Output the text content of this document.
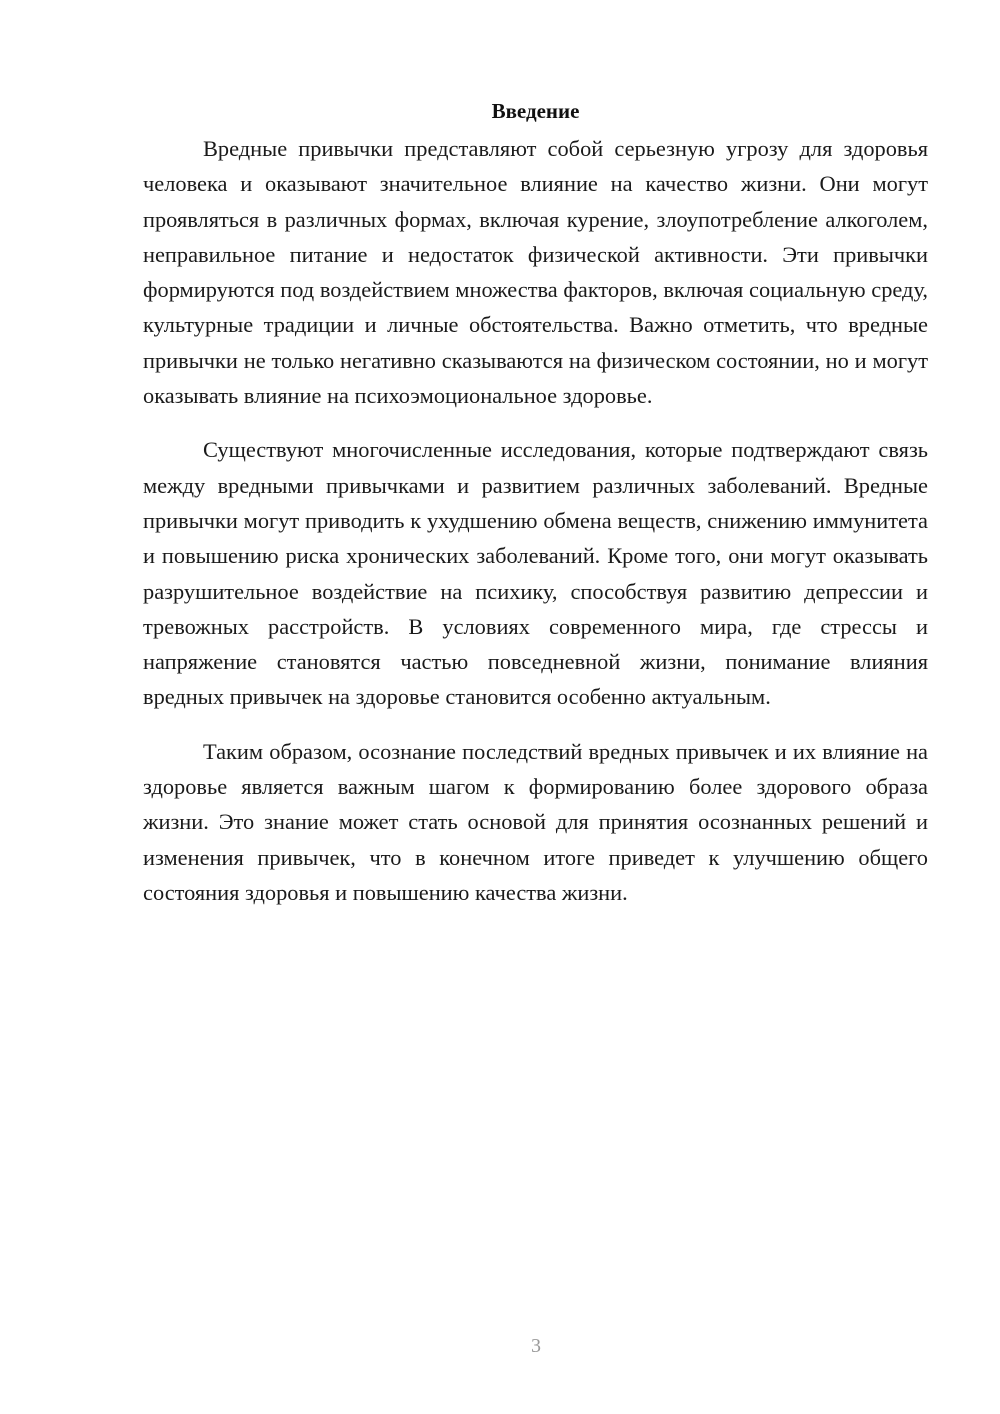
Введение

Вредные привычки представляют собой серьезную угрозу для здоровья человека и оказывают значительное влияние на качество жизни. Они могут проявляться в различных формах, включая курение, злоупотребление алкоголем, неправильное питание и недостаток физической активности. Эти привычки формируются под воздействием множества факторов, включая социальную среду, культурные традиции и личные обстоятельства. Важно отметить, что вредные привычки не только негативно сказываются на физическом состоянии, но и могут оказывать влияние на психоэмоциональное здоровье.

Существуют многочисленные исследования, которые подтверждают связь между вредными привычками и развитием различных заболеваний. Вредные привычки могут приводить к ухудшению обмена веществ, снижению иммунитета и повышению риска хронических заболеваний. Кроме того, они могут оказывать разрушительное воздействие на психику, способствуя развитию депрессии и тревожных расстройств. В условиях современного мира, где стрессы и напряжение становятся частью повседневной жизни, понимание влияния вредных привычек на здоровье становится особенно актуальным.

Таким образом, осознание последствий вредных привычек и их влияние на здоровье является важным шагом к формированию более здорового образа жизни. Это знание может стать основой для принятия осознанных решений и изменения привычек, что в конечном итоге приведет к улучшению общего состояния здоровья и повышению качества жизни.

3
